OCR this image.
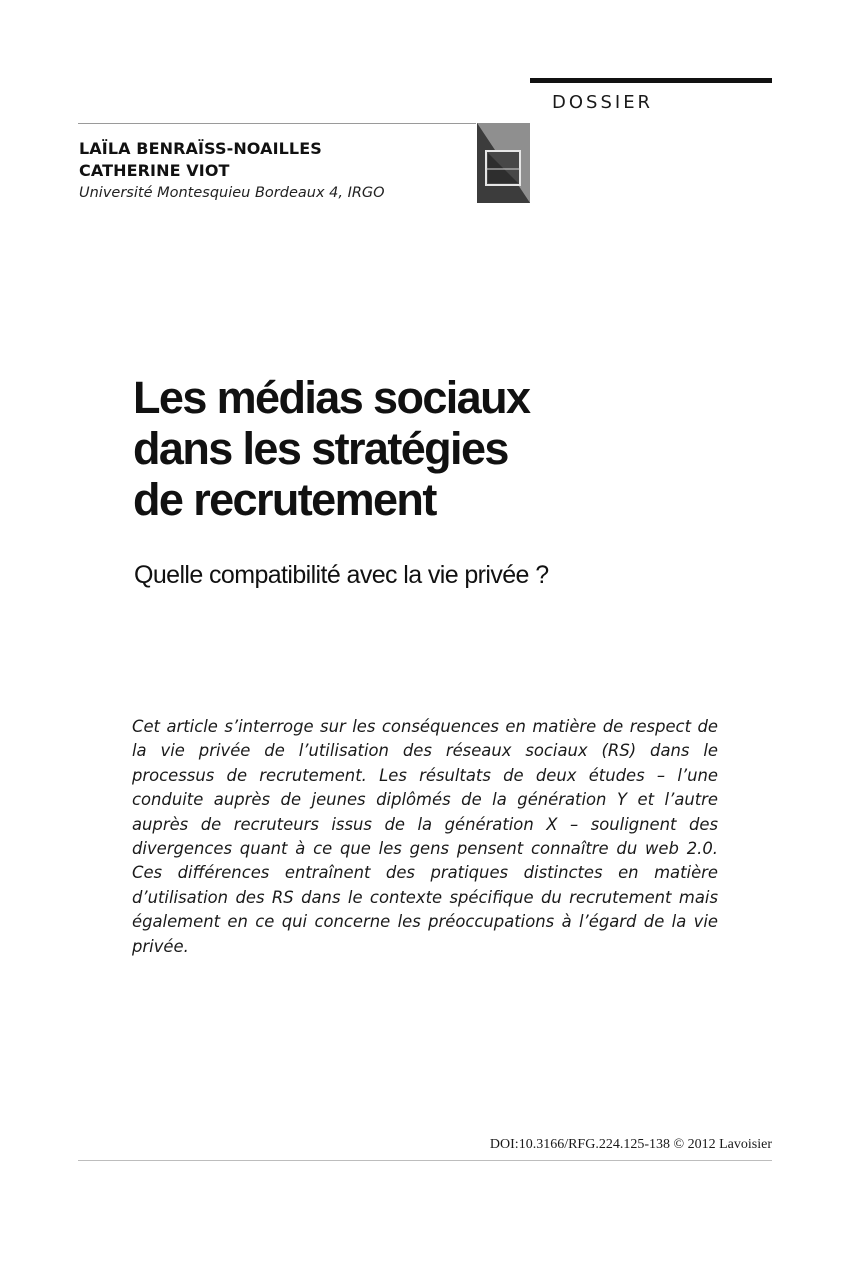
DOSSIER
LAÏLA BENRAÏSS-NOAILLES
CATHERINE VIOT
Université Montesquieu Bordeaux 4, IRGO
Les médias sociaux
dans les stratégies
de recrutement

Quelle compatibilité avec la vie privée ?

Cet article s’interroge sur les conséquences en matière de respect de la vie privée de l’utilisation des réseaux sociaux (RS) dans le processus de recrutement. Les résultats de deux études – l’une conduite auprès de jeunes diplômés de la génération Y et l’autre auprès de recruteurs issus de la génération X – soulignent des divergences quant à ce que les gens pensent connaître du web 2.0. Ces différences entraînent des pratiques distinctes en matière d’utilisation des RS dans le contexte spécifique du recrutement mais également en ce qui concerne les préoccupations à l’égard de la vie privée.

DOI:10.3166/RFG.224.125-138 © 2012 Lavoisier
